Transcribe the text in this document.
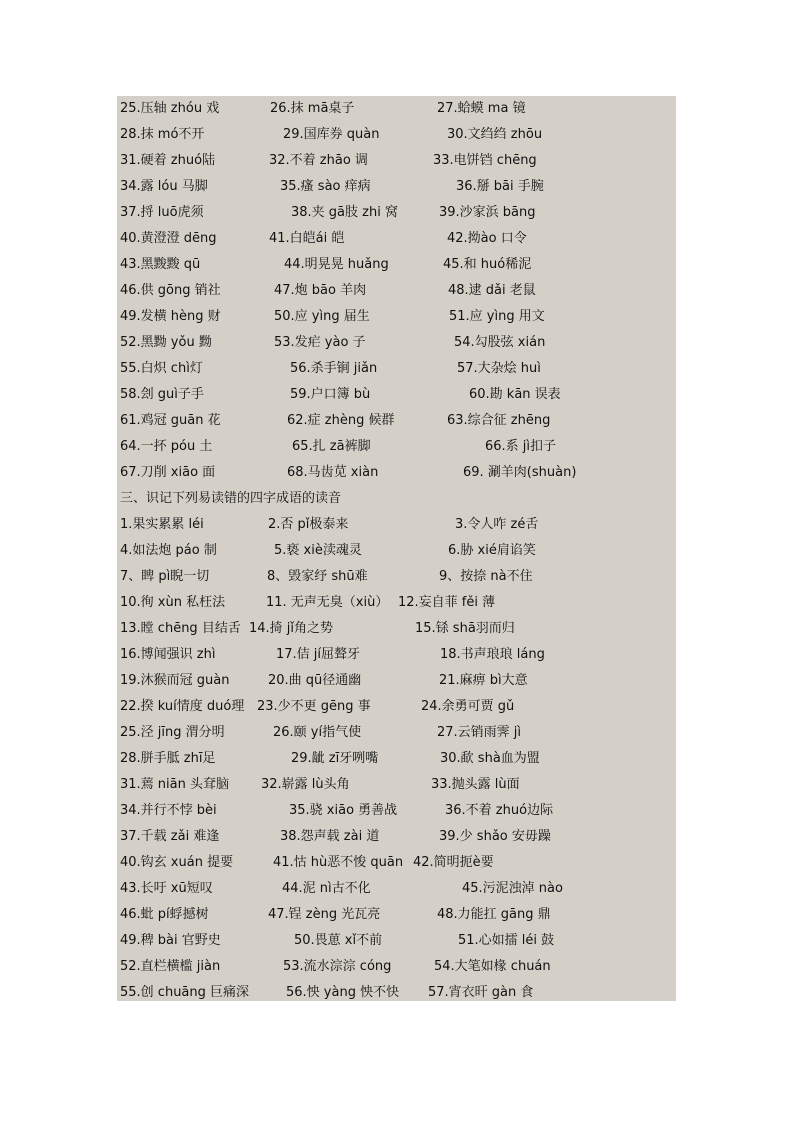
25.压轴 zhóu 戏	26.抹 mā桌子	27.蛤蟆 ma 镜
28.抹 mó不开	29.国库券 quàn	30.文绉绉 zhōu
31.硬着 zhuó陆	32.不着 zhāo 调	33.电饼铛 chēng
34.露 lóu 马脚	35.瘙 sào 痒病	36.掰 bāi 手腕
37.捋 luō虎须	38.夹 gā肢 zhi 窝	39.沙家浜 bāng
40.黄澄澄 dēng	41.白皑ái 皑	42.拗ào 口令
43.黑黢黢 qū	44.明晃晃 huǎng	45.和 huó稀泥
46.供 gōng 销社	47.炮 bāo 羊肉	48.逮 dǎi 老鼠
49.发横 hèng 财	50.应 yìng 届生	51.应 yìng 用文
52.黑黝 yǒu 黝	53.发疟 yào 子	54.勾股弦 xián
55.白炽 chì灯	56.杀手锏 jiǎn	57.大杂烩 huì
58.刽 guì子手	59.户口簿 bù	60.勘 kān 误表
61.鸡冠 guān 花	62.症 zhèng 候群	63.综合征 zhēng
64.一抔 póu 土	65.扎 zā裤脚	66.系 jì扣子
67.刀削 xiāo 面	68.马齿苋 xiàn	69. 涮羊肉(shuàn)
三、识记下列易读错的四字成语的读音
1.果实累累 léi	2.否 pǐ极泰来	3.令人咋 zé舌
4.如法炮 páo 制	5.亵 xiè渎魂灵	6.胁 xié肩谄笑
7、睥 pì睨一切	8、毁家纾 shū难	9、按捺 nà不住
10.徇 xùn 私枉法	11. 无声无臭（xiù） 12.妄自菲 fěi 薄
13.瞠 chēng 目结舌 14.掎 jǐ角之势	15.铩 shā羽而归
16.博闻强识 zhì	17.佶 jí屈聱牙	18.书声琅琅 láng
19.沐猴而冠 guàn	20.曲 qū径通幽	21.麻痹 bì大意
22.揆 kuí情度 duó理 23.少不更 gēng 事	24.余勇可贾 gǔ
25.泾 jīng 渭分明	26.颐 yí指气使	27.云销雨霁 jì
28.胼手胝 zhī足	29.龇 zī牙咧嘴	30.歃 shà血为盟
31.蔫 niān 头耷脑 32.崭露 lù头角	33.抛头露 lù面
34.并行不悖 bèi	35.骁 xiāo 勇善战	36.不着 zhuó边际
37.千载 zǎi 难逢	38.怨声载 zài 道	39.少 shǎo 安毋躁
40.钩玄 xuán 提要	41.怙 hù恶不悛 quān 42.简明扼è要
43.长吁 xū短叹	44.泥 nì古不化	45.污泥浊淖 nào
46.蚍 pí蜉撼树	47.锃 zèng 光瓦亮	48.力能扛 gāng 鼎
49.稗 bài 官野史	50.畏葸 xǐ不前	51.心如擂 léi 鼓
52.直栏横槛 jiàn	53.流水淙淙 cóng	54.大笔如椽 chuán
55.创 chuāng 巨痛深	56.怏 yàng 怏不快 57.宵衣旰 gàn 食
